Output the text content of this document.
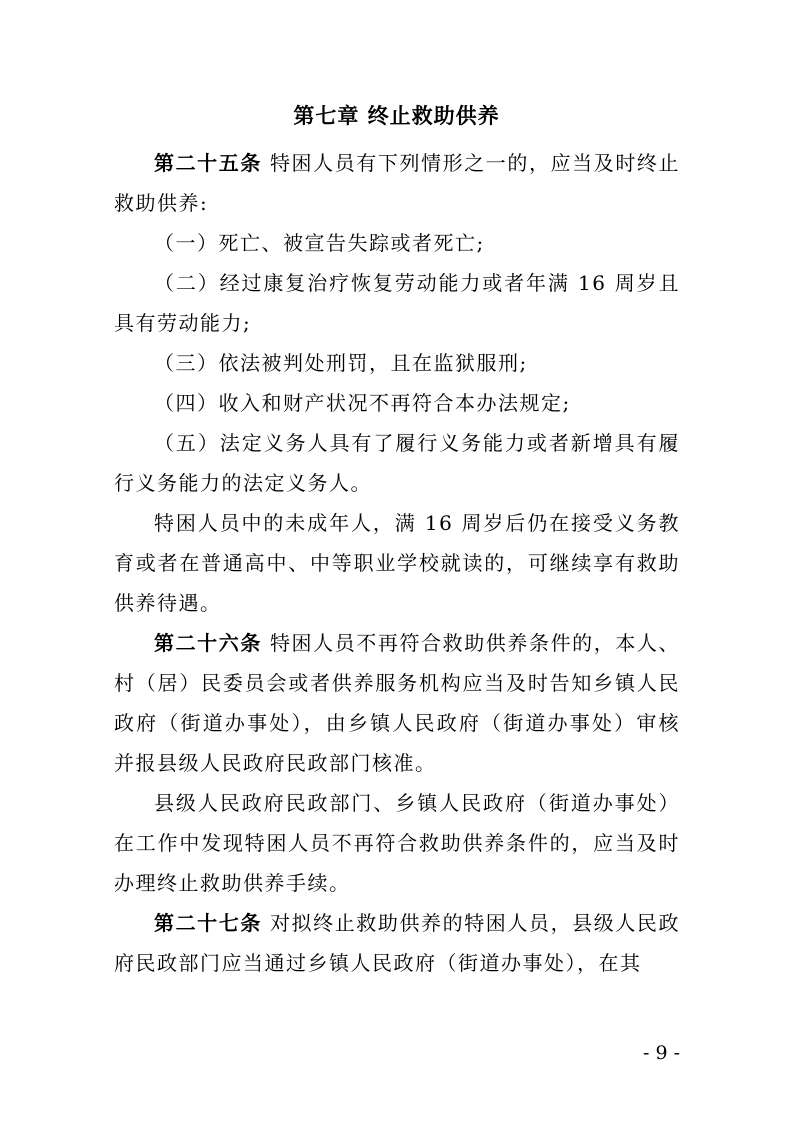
第七章 终止救助供养

第二十五条 特困人员有下列情形之一的，应当及时终止救助供养:

（一）死亡、被宣告失踪或者死亡;

（二）经过康复治疗恢复劳动能力或者年满 16 周岁且具有劳动能力;

（三）依法被判处刑罚，且在监狱服刑;

（四）收入和财产状况不再符合本办法规定;

（五）法定义务人具有了履行义务能力或者新增具有履行义务能力的法定义务人。

特困人员中的未成年人，满 16 周岁后仍在接受义务教育或者在普通高中、中等职业学校就读的，可继续享有救助供养待遇。

第二十六条 特困人员不再符合救助供养条件的，本人、村（居）民委员会或者供养服务机构应当及时告知乡镇人民政府（街道办事处），由乡镇人民政府（街道办事处）审核并报县级人民政府民政部门核准。

县级人民政府民政部门、乡镇人民政府（街道办事处）在工作中发现特困人员不再符合救助供养条件的，应当及时办理终止救助供养手续。

第二十七条 对拟终止救助供养的特困人员，县级人民政府民政部门应当通过乡镇人民政府（街道办事处），在其

- 9 -
